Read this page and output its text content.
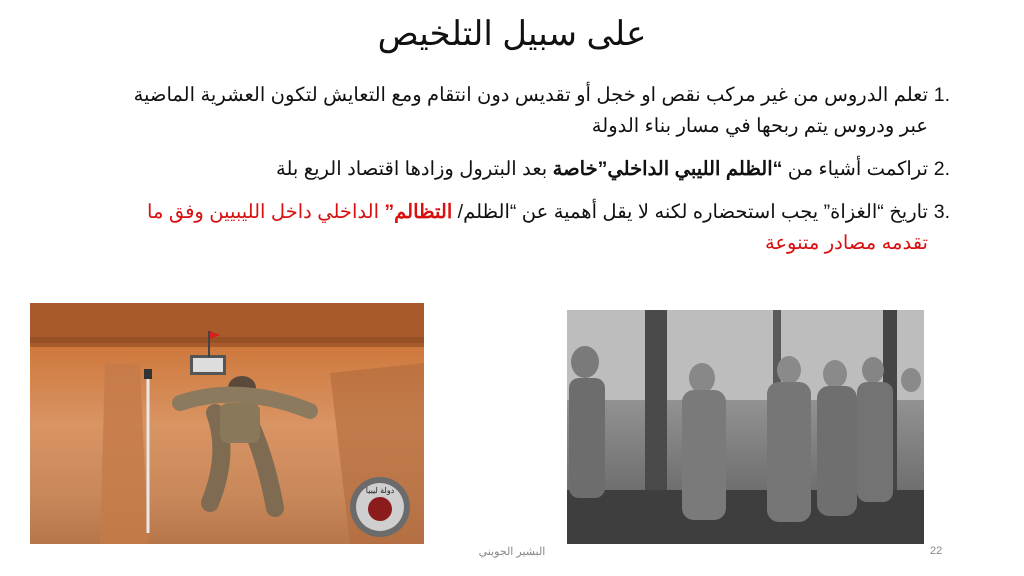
على سبيل التلخيص
.1
تعلم الدروس من غير مركب نقص او خجل أو تقديس دون انتقام ومع التعايش لتكون العشرية الماضية عبر ودروس يتم ربحها في مسار بناء الدولة
.2
تراكمت أشياء من “الظلم الليبي الداخلي”خاصة بعد البترول وزادها اقتصاد الريع بلة
.3
تاريخ “الغزاة” يجب استحضاره لكنه لا يقل أهمية عن “الظلم/ التظالم” الداخلي داخل الليبيين وفق ما تقدمه مصادر متنوعة
دولة ليبيا
البشير الجويني	22
